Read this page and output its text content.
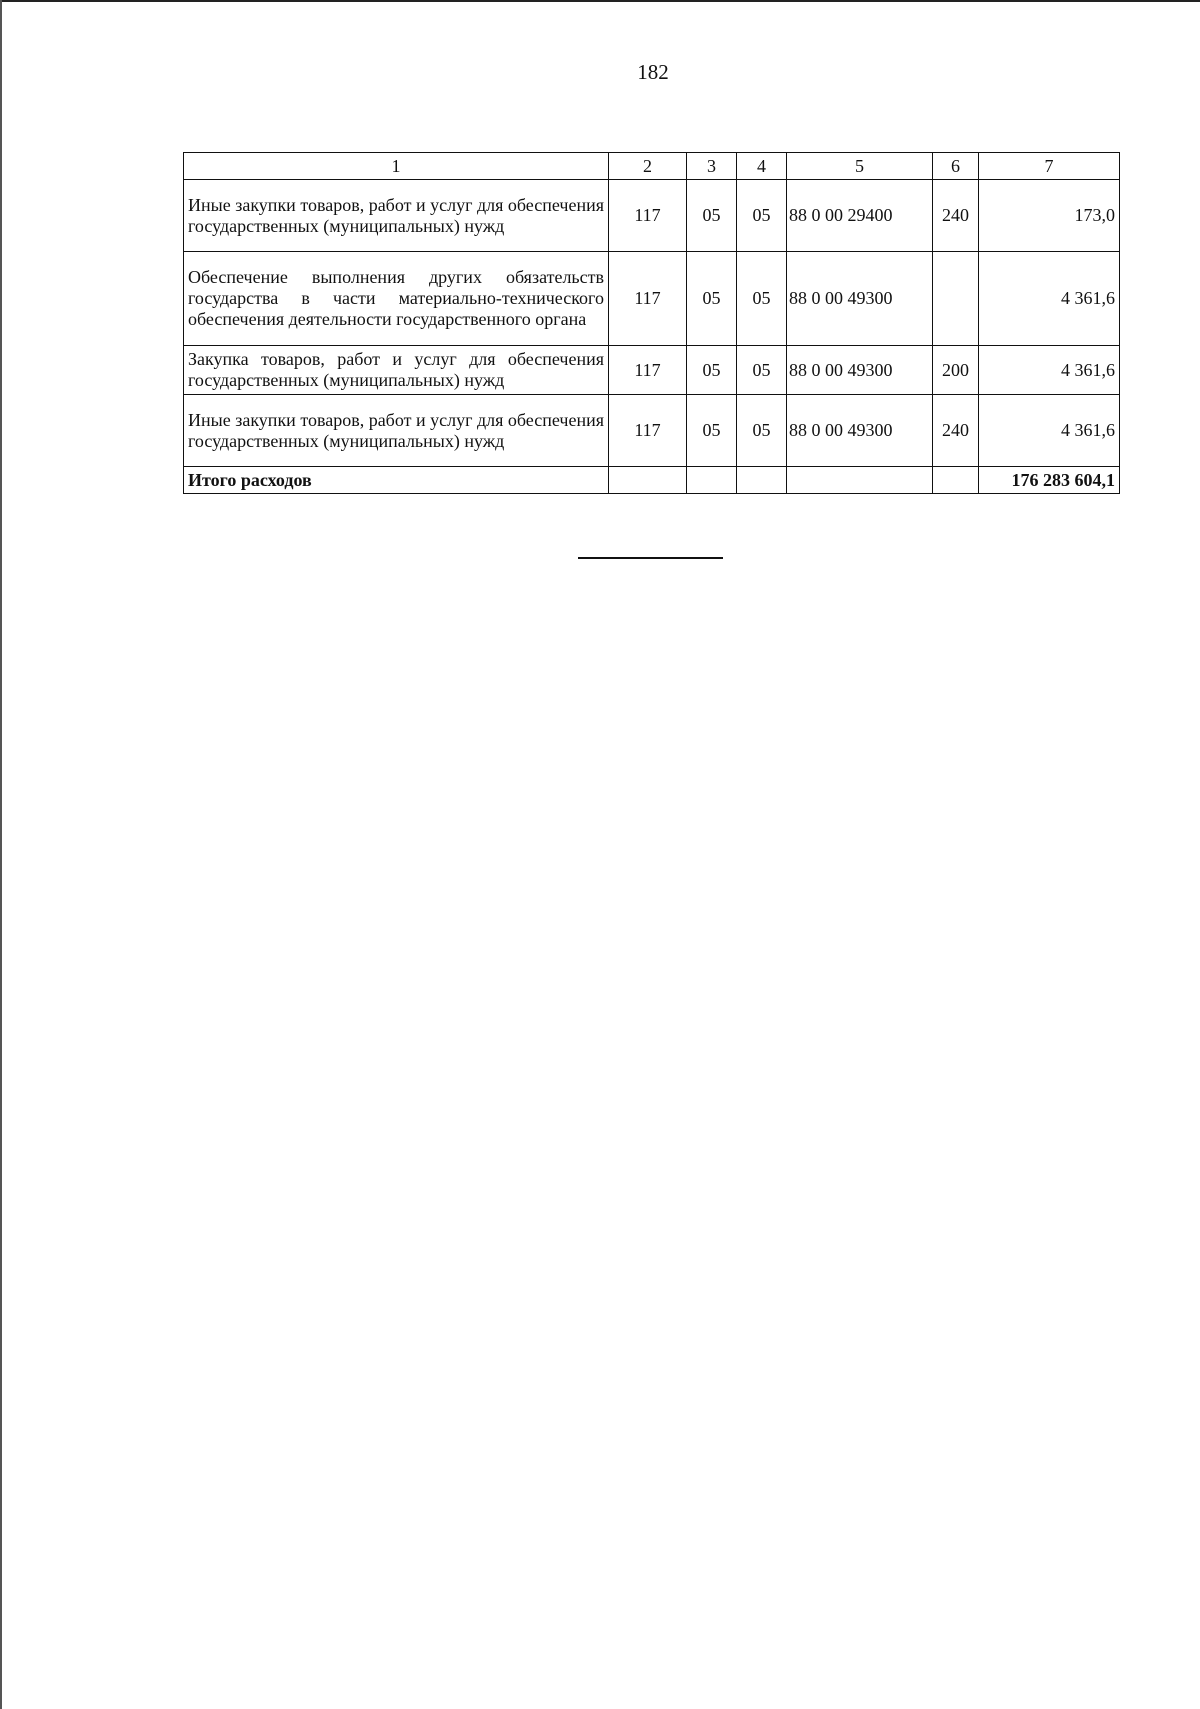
182
1	2	3	4	5	6	7
Иные закупки товаров, работ и услуг для обеспечения государственных (муниципальных) нужд	117	05	05	88 0 00 29400	240	173,0
Обеспечение выполнения других обязательств государства в части материально-технического обеспечения деятельности государственного органа	117	05	05	88 0 00 49300		4 361,6
Закупка товаров, работ и услуг для обеспечения государственных (муниципальных) нужд	117	05	05	88 0 00 49300	200	4 361,6
Иные закупки товаров, работ и услуг для обеспечения государственных (муниципальных) нужд	117	05	05	88 0 00 49300	240	4 361,6
Итого расходов						176 283 604,1
